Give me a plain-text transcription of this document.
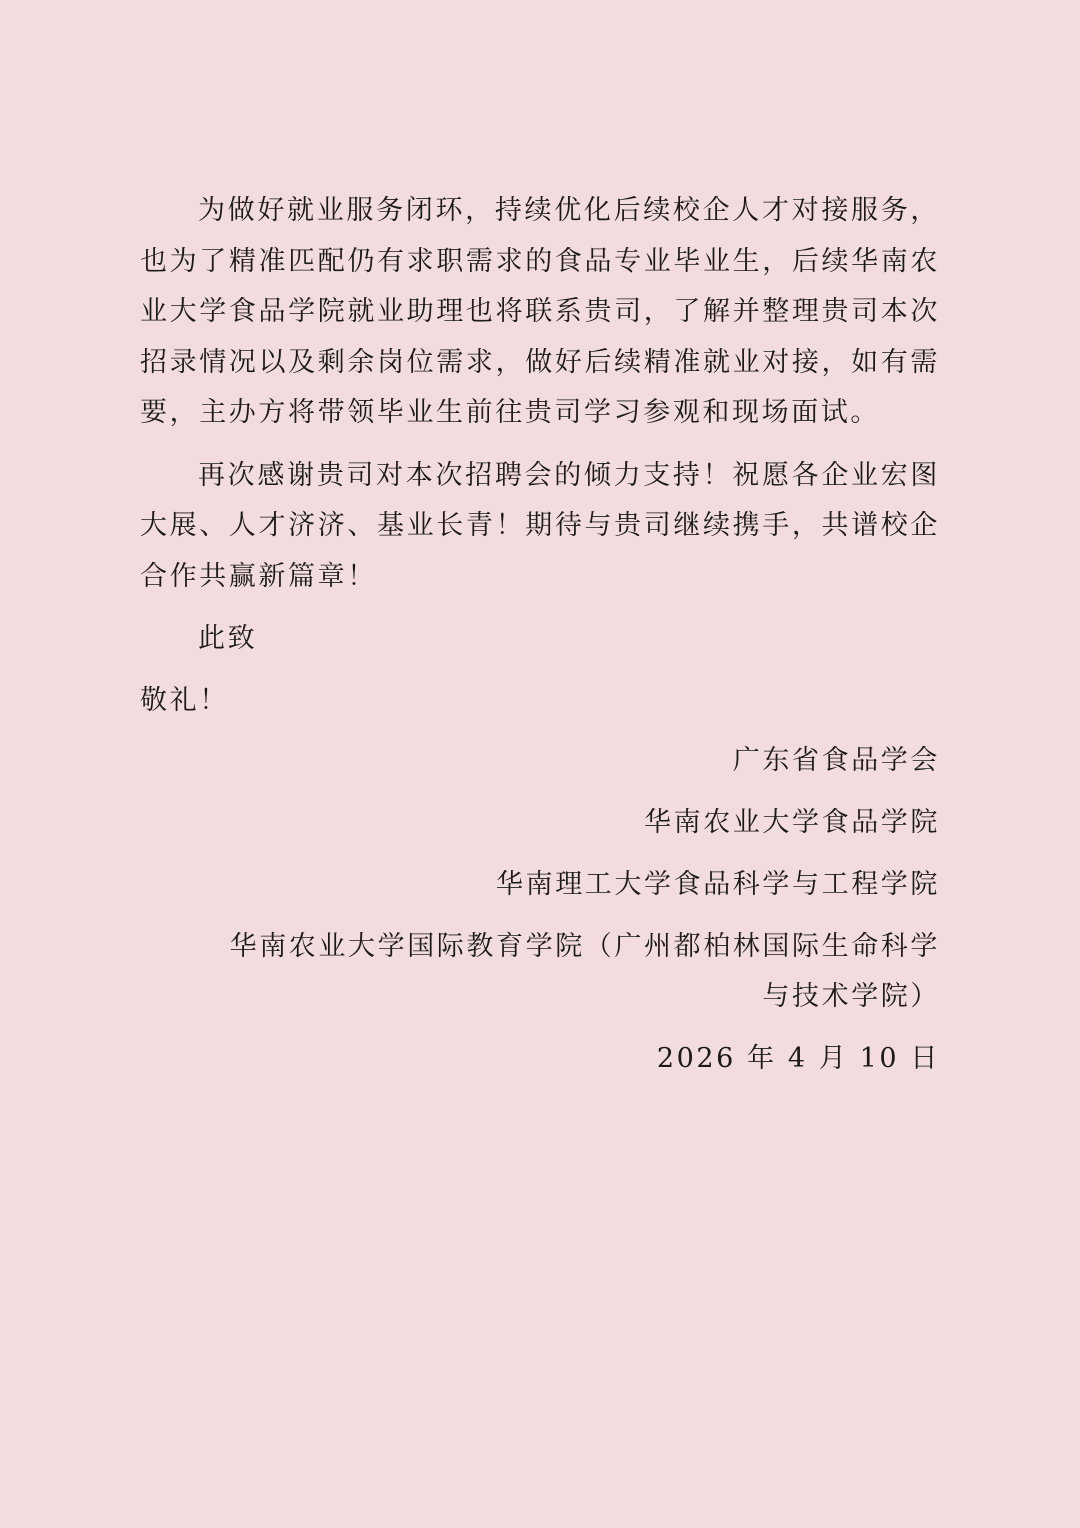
为做好就业服务闭环，持续优化后续校企人才对接服务，也为了精准匹配仍有求职需求的食品专业毕业生，后续华南农业大学食品学院就业助理也将联系贵司，了解并整理贵司本次招录情况以及剩余岗位需求，做好后续精准就业对接，如有需要，主办方将带领毕业生前往贵司学习参观和现场面试。

再次感谢贵司对本次招聘会的倾力支持！祝愿各企业宏图大展、人才济济、基业长青！期待与贵司继续携手，共谱校企合作共赢新篇章！

此致

敬礼！

广东省食品学会

华南农业大学食品学院

华南理工大学食品科学与工程学院

华南农业大学国际教育学院（广州都柏林国际生命科学与技术学院）

2026 年 4 月 10 日
